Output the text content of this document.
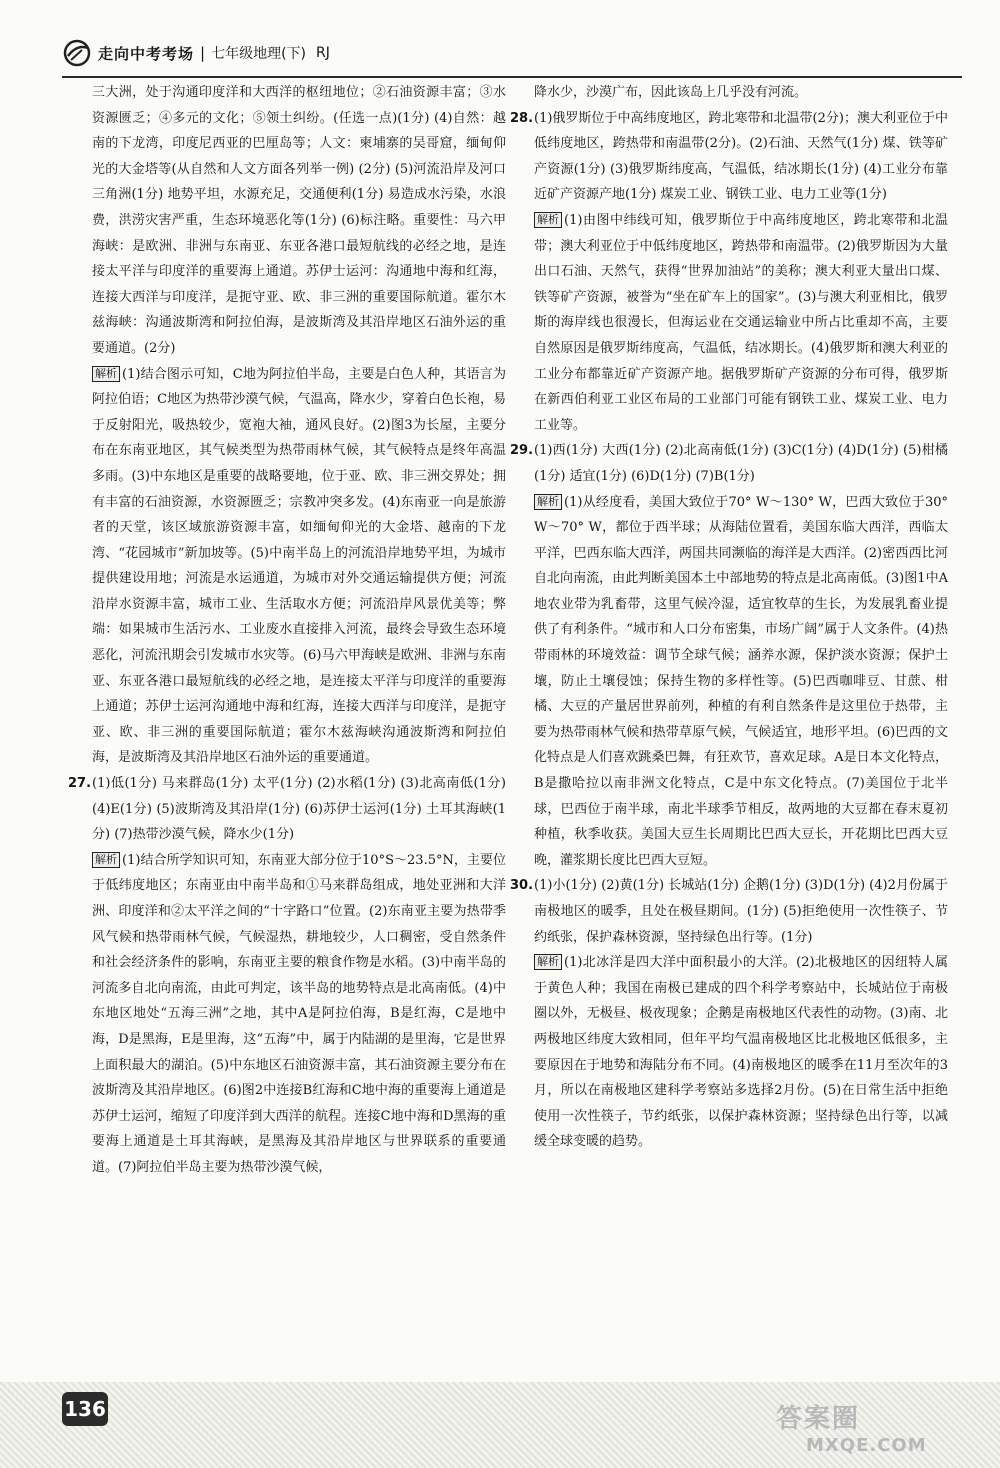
走向中考考场 | 七年级地理(下) RJ

三大洲，处于沟通印度洋和大西洋的枢纽地位；②石油资源丰富；③水资源匮乏；④多元的文化；⑤领土纠纷。(任选一点)(1分) (4)自然：越南的下龙湾，印度尼西亚的巴厘岛等；人文：柬埔寨的吴哥窟，缅甸仰光的大金塔等(从自然和人文方面各列举一例) (2分) (5)河流沿岸及河口三角洲(1分) 地势平坦，水源充足，交通便利(1分) 易造成水污染，水浪费，洪涝灾害严重，生态环境恶化等(1分) (6)标注略。重要性：马六甲海峡：是欧洲、非洲与东南亚、东亚各港口最短航线的必经之地，是连接太平洋与印度洋的重要海上通道。苏伊士运河：沟通地中海和红海，连接大西洋与印度洋，是扼守亚、欧、非三洲的重要国际航道。霍尔木兹海峡：沟通波斯湾和阿拉伯海，是波斯湾及其沿岸地区石油外运的重要通道。(2分)

解析 (1)结合图示可知，C地为阿拉伯半岛，主要是白色人种，其语言为阿拉伯语；C地区为热带沙漠气候，气温高，降水少，穿着白色长袍，易于反射阳光，吸热较少，宽袍大袖，通风良好。(2)图3为长屋，主要分布在东南亚地区，其气候类型为热带雨林气候，其气候特点是终年高温多雨。(3)中东地区是重要的战略要地，位于亚、欧、非三洲交界处；拥有丰富的石油资源，水资源匮乏；宗教冲突多发。(4)东南亚一向是旅游者的天堂，该区域旅游资源丰富，如缅甸仰光的大金塔、越南的下龙湾、“花园城市”新加坡等。(5)中南半岛上的河流沿岸地势平坦，为城市提供建设用地；河流是水运通道，为城市对外交通运输提供方便；河流沿岸水资源丰富，城市工业、生活取水方便；河流沿岸风景优美等；弊端：如果城市生活污水、工业废水直接排入河流，最终会导致生态环境恶化，河流汛期会引发城市水灾等。(6)马六甲海峡是欧洲、非洲与东南亚、东亚各港口最短航线的必经之地，是连接太平洋与印度洋的重要海上通道；苏伊士运河沟通地中海和红海，连接大西洋与印度洋，是扼守亚、欧、非三洲的重要国际航道；霍尔木兹海峡沟通波斯湾和阿拉伯海，是波斯湾及其沿岸地区石油外运的重要通道。

27.(1)低(1分) 马来群岛(1分) 太平(1分) (2)水稻(1分) (3)北高南低(1分) (4)E(1分) (5)波斯湾及其沿岸(1分) (6)苏伊士运河(1分) 土耳其海峡(1分) (7)热带沙漠气候，降水少(1分)

解析 (1)结合所学知识可知，东南亚大部分位于10°S～23.5°N，主要位于低纬度地区；东南亚由中南半岛和①马来群岛组成，地处亚洲和大洋洲、印度洋和②太平洋之间的“十字路口”位置。(2)东南亚主要为热带季风气候和热带雨林气候，气候湿热，耕地较少，人口稠密，受自然条件和社会经济条件的影响，东南亚主要的粮食作物是水稻。(3)中南半岛的河流多自北向南流，由此可判定，该半岛的地势特点是北高南低。(4)中东地区地处“五海三洲”之地，其中A是阿拉伯海，B是红海，C是地中海，D是黑海，E是里海，这“五海”中，属于内陆湖的是里海，它是世界上面积最大的湖泊。(5)中东地区石油资源丰富，其石油资源主要分布在波斯湾及其沿岸地区。(6)图2中连接B红海和C地中海的重要海上通道是苏伊士运河，缩短了印度洋到大西洋的航程。连接C地中海和D黑海的重要海上通道是土耳其海峡，是黑海及其沿岸地区与世界联系的重要通道。(7)阿拉伯半岛主要为热带沙漠气候，

降水少，沙漠广布，因此该岛上几乎没有河流。

28.(1)俄罗斯位于中高纬度地区，跨北寒带和北温带(2分)；澳大利亚位于中低纬度地区，跨热带和南温带(2分)。(2)石油、天然气(1分) 煤、铁等矿产资源(1分) (3)俄罗斯纬度高，气温低，结冰期长(1分) (4)工业分布靠近矿产资源产地(1分) 煤炭工业、钢铁工业、电力工业等(1分)

解析 (1)由图中纬线可知，俄罗斯位于中高纬度地区，跨北寒带和北温带；澳大利亚位于中低纬度地区，跨热带和南温带。(2)俄罗斯因为大量出口石油、天然气，获得“世界加油站”的美称；澳大利亚大量出口煤、铁等矿产资源，被誉为“坐在矿车上的国家”。(3)与澳大利亚相比，俄罗斯的海岸线也很漫长，但海运业在交通运输业中所占比重却不高，主要自然原因是俄罗斯纬度高，气温低，结冰期长。(4)俄罗斯和澳大利亚的工业分布都靠近矿产资源产地。据俄罗斯矿产资源的分布可得，俄罗斯在新西伯利亚工业区布局的工业部门可能有钢铁工业、煤炭工业、电力工业等。

29.(1)西(1分) 大西(1分) (2)北高南低(1分) (3)C(1分) (4)D(1分) (5)柑橘(1分) 适宜(1分) (6)D(1分) (7)B(1分)

解析 (1)从经度看，美国大致位于70° W～130° W，巴西大致位于30° W～70° W，都位于西半球；从海陆位置看，美国东临大西洋，西临太平洋，巴西东临大西洋，两国共同濒临的海洋是大西洋。(2)密西西比河自北向南流，由此判断美国本土中部地势的特点是北高南低。(3)图1中A地农业带为乳畜带，这里气候冷湿，适宜牧草的生长，为发展乳畜业提供了有利条件。“城市和人口分布密集，市场广阔”属于人文条件。(4)热带雨林的环境效益：调节全球气候；涵养水源，保护淡水资源；保护土壤，防止土壤侵蚀；保持生物的多样性等。(5)巴西咖啡豆、甘蔗、柑橘、大豆的产量居世界前列，种植的有利自然条件是这里位于热带，主要为热带雨林气候和热带草原气候，气候适宜，地形平坦。(6)巴西的文化特点是人们喜欢跳桑巴舞，有狂欢节，喜欢足球。A是日本文化特点，B是撒哈拉以南非洲文化特点，C是中东文化特点。(7)美国位于北半球，巴西位于南半球，南北半球季节相反，故两地的大豆都在春末夏初种植，秋季收获。美国大豆生长周期比巴西大豆长，开花期比巴西大豆晚，灌浆期长度比巴西大豆短。

30.(1)小(1分) (2)黄(1分) 长城站(1分) 企鹅(1分) (3)D(1分) (4)2月份属于南极地区的暖季，且处在极昼期间。(1分) (5)拒绝使用一次性筷子、节约纸张，保护森林资源，坚持绿色出行等。(1分)

解析 (1)北冰洋是四大洋中面积最小的大洋。(2)北极地区的因纽特人属于黄色人种；我国在南极已建成的四个科学考察站中，长城站位于南极圈以外，无极昼、极夜现象；企鹅是南极地区代表性的动物。(3)南、北两极地区纬度大致相同，但年平均气温南极地区比北极地区低很多，主要原因在于地势和海陆分布不同。(4)南极地区的暖季在11月至次年的3月，所以在南极地区建科学考察站多选择2月份。(5)在日常生活中拒绝使用一次性筷子，节约纸张，以保护森林资源；坚持绿色出行等，以减缓全球变暖的趋势。

136	答案圈
MXQE.COM
